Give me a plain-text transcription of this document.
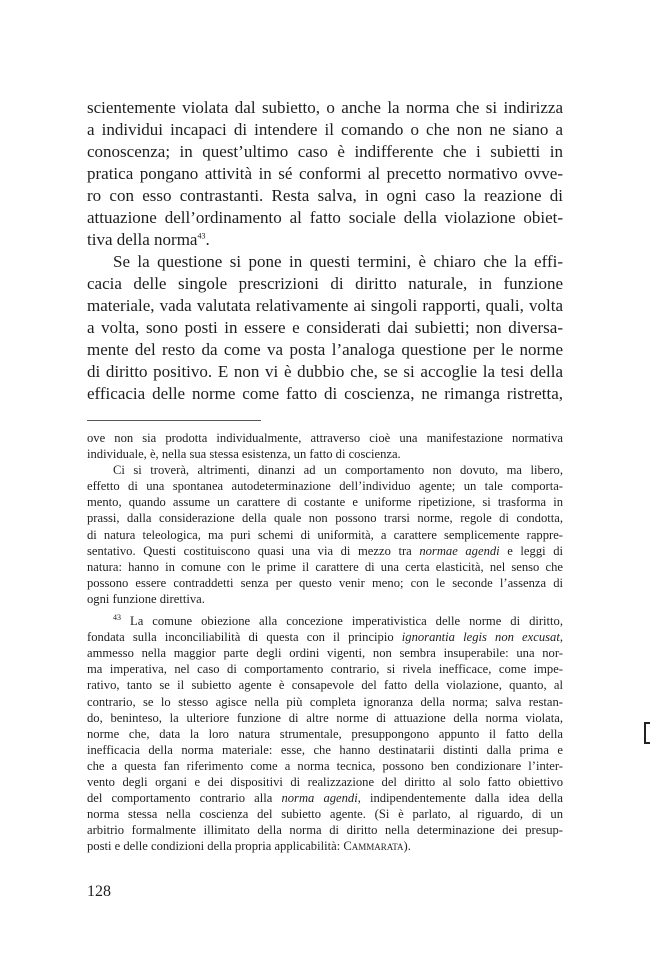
scientemente violata dal subietto, o anche la norma che si indirizza
a individui incapaci di intendere il comando o che non ne siano a
conoscenza; in quest’ultimo caso è indifferente che i subietti in
pratica pongano attività in sé conformi al precetto normativo ovve-
ro con esso contrastanti. Resta salva, in ogni caso la reazione di
attuazione dell’ordinamento al fatto sociale della violazione obiet-
tiva della norma$^{43}$.
Se la questione si pone in questi termini, è chiaro che la effi-
cacia delle singole prescrizioni di diritto naturale, in funzione
materiale, vada valutata relativamente ai singoli rapporti, quali, volta
a volta, sono posti in essere e considerati dai subietti; non diversa-
mente del resto da come va posta l’analoga questione per le norme
di diritto positivo. E non vi è dubbio che, se si accoglie la tesi della
efficacia delle norme come fatto di coscienza, ne rimanga ristretta,
ove non sia prodotta individualmente, attraverso cioè una manifestazione normativa
individuale, è, nella sua stessa esistenza, un fatto di coscienza.
Ci si troverà, altrimenti, dinanzi ad un comportamento non dovuto, ma libero,
effetto di una spontanea autodeterminazione dell’individuo agente; un tale comporta-
mento, quando assume un carattere di costante e uniforme ripetizione, si trasforma in
prassi, dalla considerazione della quale non possono trarsi norme, regole di condotta,
di natura teleologica, ma puri schemi di uniformità, a carattere semplicemente rappre-
sentativo. Questi costituiscono quasi una via di mezzo tra normae agendi e leggi di
natura: hanno in comune con le prime il carattere di una certa elasticità, nel senso che
possono essere contraddetti senza per questo venir meno; con le seconde l’assenza di
ogni funzione direttiva.
$^{43}$ La comune obiezione alla concezione imperativistica delle norme di diritto,
fondata sulla inconciliabilità di questa con il principio ignorantia legis non excusat,
ammesso nella maggior parte degli ordini vigenti, non sembra insuperabile: una nor-
ma imperativa, nel caso di comportamento contrario, si rivela inefficace, come impe-
rativo, tanto se il subietto agente è consapevole del fatto della violazione, quanto, al
contrario, se lo stesso agisce nella più completa ignoranza della norma; salva restan-
do, beninteso, la ulteriore funzione di altre norme di attuazione della norma violata,
norme che, data la loro natura strumentale, presuppongono appunto il fatto della
inefficacia della norma materiale: esse, che hanno destinatarii distinti dalla prima e
che a questa fan riferimento come a norma tecnica, possono ben condizionare l’inter-
vento degli organi e dei dispositivi di realizzazione del diritto al solo fatto obiettivo
del comportamento contrario alla norma agendi, indipendentemente dalla idea della
norma stessa nella coscienza del subietto agente. (Si è parlato, al riguardo, di un
arbitrio formalmente illimitato della norma di diritto nella determinazione dei presup-
posti e delle condizioni della propria applicabilità: Cammarata).
128
